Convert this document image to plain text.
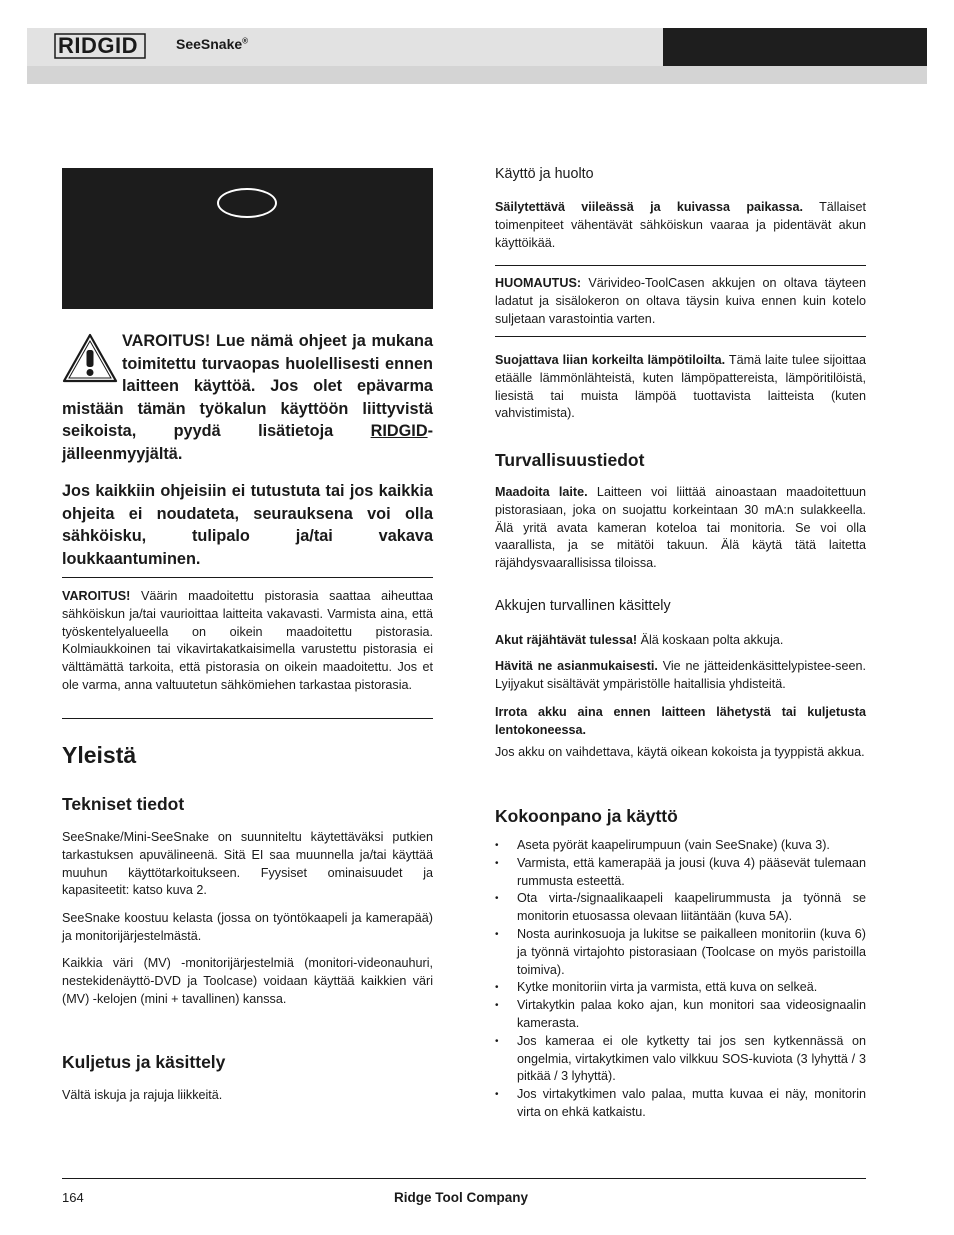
RIDGID	SeeSnake®

VAROITUS! Lue nämä ohjeet ja mukana toimitettu turvaopas huolellisesti ennen laitteen käyttöä. Jos olet epävarma mistään tämän työkalun käyttöön liittyvistä seikoista, pyydä lisätietoja RIDGID-jälleenmyyjältä.

Jos kaikkiin ohjeisiin ei tutustuta tai jos kaikkia ohjeita ei noudateta, seurauksena voi olla sähköisku, tulipalo ja/tai vakava loukkaantuminen.

VAROITUS! Väärin maadoitettu pistorasia saattaa aiheuttaa sähköiskun ja/tai vaurioittaa laitteita vakavasti. Varmista aina, että työskentelyalueella on oikein maadoitettu pistorasia. Kolmiaukkoinen tai vikavirtakatkaisimella varustettu pistorasia ei välttämättä tarkoita, että pistorasia on oikein maadoitettu. Jos et ole varma, anna valtuutetun sähkömiehen tarkastaa pistorasia.

Yleistä
Tekniset tiedot

SeeSnake/Mini-SeeSnake on suunniteltu käytettäväksi putkien tarkastuksen apuvälineenä. Sitä EI saa muunnella ja/tai käyttää muuhun käyttötarkoitukseen. Fyysiset ominaisuudet ja kapasiteetit: katso kuva 2.

SeeSnake koostuu kelasta (jossa on työntökaapeli ja kamerapää) ja monitorijärjestelmästä.

Kaikkia väri (MV) -monitorijärjestelmiä (monitori-videonauhuri, nestekidenäyttö-DVD ja Toolcase) voidaan käyttää kaikkien väri (MV) -kelojen (mini + tavallinen) kanssa.

Kuljetus ja käsittely

Vältä iskuja ja rajuja liikkeitä.

Käyttö ja huolto

Säilytettävä viileässä ja kuivassa paikassa. Tällaiset toimenpiteet vähentävät sähköiskun vaaraa ja pidentävät akun käyttöikää.

HUOMAUTUS: Värivideo-ToolCasen akkujen on oltava täyteen ladatut ja sisälokeron on oltava täysin kuiva ennen kuin kotelo suljetaan varastointia varten.

Suojattava liian korkeilta lämpötiloilta. Tämä laite tulee sijoittaa etäälle lämmönlähteistä, kuten lämpöpattereista, lämpöritilöistä, liesistä tai muista lämpöä tuottavista laitteista (kuten vahvistimista).

Turvallisuustiedot

Maadoita laite. Laitteen voi liittää ainoastaan maadoitettuun pistorasiaan, joka on suojattu korkeintaan 30 mA:n sulakkeella. Älä yritä avata kameran koteloa tai monitoria. Se voi olla vaarallista, ja se mitätöi takuun. Älä käytä tätä laitetta räjähdysvaarallisissa tiloissa.

Akkujen turvallinen käsittely

Akut räjähtävät tulessa! Älä koskaan polta akkuja.

Hävitä ne asianmukaisesti. Vie ne jätteidenkäsittelypistee-seen. Lyijyakut sisältävät ympäristölle haitallisia yhdisteitä.

Irrota akku aina ennen laitteen lähetystä tai kuljetusta lentokoneessa.

Jos akku on vaihdettava, käytä oikean kokoista ja tyyppistä akkua.

Kokoonpano ja käyttö
• Aseta pyörät kaapelirumpuun (vain SeeSnake) (kuva 3).
• Varmista, että kamerapää ja jousi (kuva 4) pääsevät tulemaan rummusta esteettä.
• Ota virta-/signaalikaapeli kaapelirummusta ja työnnä se monitorin etuosassa olevaan liitäntään (kuva 5A).
• Nosta aurinkosuoja ja lukitse se paikalleen monitoriin (kuva 6) ja työnnä virtajohto pistorasiaan (Toolcase on myös paristoilla toimiva).
• Kytke monitoriin virta ja varmista, että kuva on selkeä.
• Virtakytkin palaa koko ajan, kun monitori saa videosignaalin kamerasta.
• Jos kameraa ei ole kytketty tai jos sen kytkennässä on ongelmia, virtakytkimen valo vilkkuu SOS-kuviota (3 lyhyttä / 3 pitkää / 3 lyhyttä).
• Jos virtakytkimen valo palaa, mutta kuvaa ei näy, monitorin virta on ehkä katkaistu.
164	Ridge Tool Company
